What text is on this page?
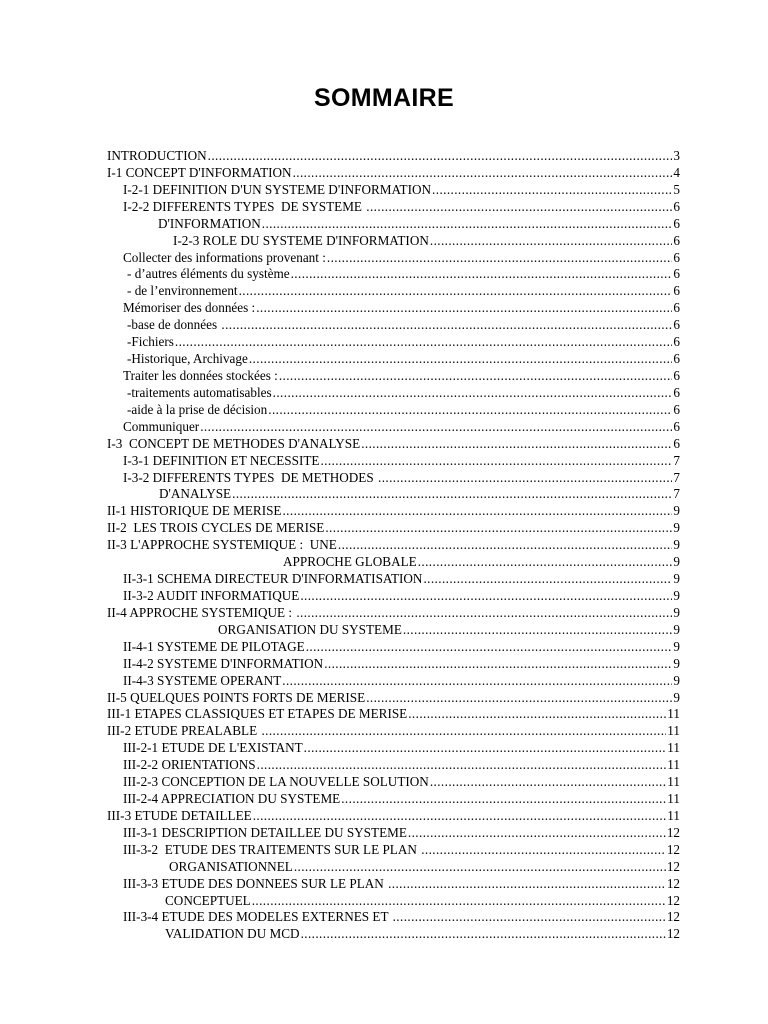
SOMMAIRE
INTRODUCTION .....	3
I-1 CONCEPT D'INFORMATION .....	4
I-2-1 DEFINITION D'UN SYSTEME D'INFORMATION .....	5
I-2-2 DIFFERENTS TYPES  DE SYSTEME .....	6
D'INFORMATION .....	6
I-2-3 ROLE DU SYSTEME D'INFORMATION .....	6
Collecter des informations provenant : .....	6
- d’autres éléments du système .....	6
- de l’environnement .....	6
Mémoriser des données : .....	6
-base de données .....	6
-Fichiers .....	6
-Historique, Archivage .....	6
Traiter les données stockées : .....	6
-traitements automatisables .....	6
-aide à la prise de décision .....	6
Communiquer .....	6
I-3  CONCEPT DE METHODES D'ANALYSE .....	6
I-3-1 DEFINITION ET NECESSITE .....	7
I-3-2 DIFFERENTS TYPES  DE METHODES .....	7
D'ANALYSE .....	7
II-1 HISTORIQUE DE MERISE .....	9
II-2  LES TROIS CYCLES DE MERISE .....	9
II-3 L'APPROCHE SYSTEMIQUE :  UNE .....	9
APPROCHE GLOBALE .....	9
II-3-1 SCHEMA DIRECTEUR D'INFORMATISATION .....	9
II-3-2 AUDIT INFORMATIQUE .....	9
II-4 APPROCHE SYSTEMIQUE : .....	9
ORGANISATION DU SYSTEME .....	9
II-4-1 SYSTEME DE PILOTAGE .....	9
II-4-2 SYSTEME D'INFORMATION .....	9
II-4-3 SYSTEME OPERANT .....	9
II-5 QUELQUES POINTS FORTS DE MERISE .....	9
III-1 ETAPES CLASSIQUES ET ETAPES DE MERISE .....	11
III-2 ETUDE PREALABLE .....	11
III-2-1 ETUDE DE L'EXISTANT .....	11
III-2-2 ORIENTATIONS .....	11
III-2-3 CONCEPTION DE LA NOUVELLE SOLUTION .....	11
III-2-4 APPRECIATION DU SYSTEME .....	11
III-3 ETUDE DETAILLEE .....	11
III-3-1 DESCRIPTION DETAILLEE DU SYSTEME .....	12
III-3-2  ETUDE DES TRAITEMENTS SUR LE PLAN .....	12
ORGANISATIONNEL .....	12
III-3-3 ETUDE DES DONNEES SUR LE PLAN .....	12
CONCEPTUEL .....	12
III-3-4 ETUDE DES MODELES EXTERNES ET .....	12
VALIDATION DU MCD .....	12
